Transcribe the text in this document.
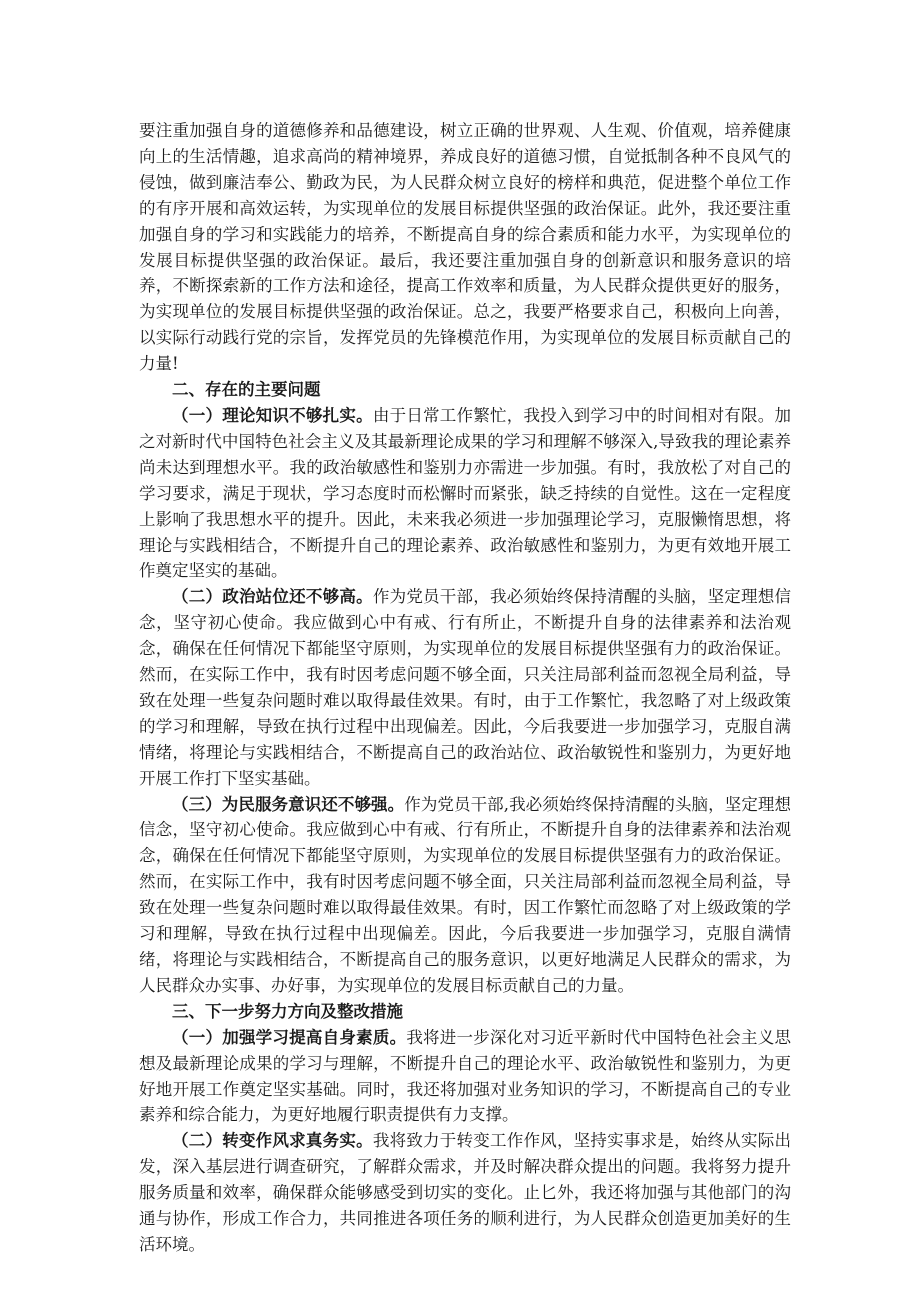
要注重加强自身的道德修养和品德建设，树立正确的世界观、人生观、价值观，培养健康向上的生活情趣，追求高尚的精神境界，养成良好的道德习惯，自觉抵制各种不良风气的侵蚀，做到廉洁奉公、勤政为民，为人民群众树立良好的榜样和典范，促进整个单位工作的有序开展和高效运转，为实现单位的发展目标提供坚强的政治保证。此外，我还要注重加强自身的学习和实践能力的培养，不断提高自身的综合素质和能力水平，为实现单位的发展目标提供坚强的政治保证。最后，我还要注重加强自身的创新意识和服务意识的培养，不断探索新的工作方法和途径，提高工作效率和质量，为人民群众提供更好的服务，为实现单位的发展目标提供坚强的政治保证。总之，我要严格要求自己，积极向上向善，以实际行动践行党的宗旨，发挥党员的先锋模范作用，为实现单位的发展目标贡献自己的力量!

二、存在的主要问题

（一）理论知识不够扎实。由于日常工作繁忙，我投入到学习中的时间相对有限。加之对新时代中国特色社会主义及其最新理论成果的学习和理解不够深入,导致我的理论素养尚未达到理想水平。我的政治敏感性和鉴别力亦需进一步加强。有时，我放松了对自己的学习要求，满足于现状，学习态度时而松懈时而紧张，缺乏持续的自觉性。这在一定程度上影响了我思想水平的提升。因此，未来我必须进一步加强理论学习，克服懒惰思想，将理论与实践相结合，不断提升自己的理论素养、政治敏感性和鉴别力，为更有效地开展工作奠定坚实的基础。

（二）政治站位还不够高。作为党员干部，我必须始终保持清醒的头脑，坚定理想信念，坚守初心使命。我应做到心中有戒、行有所止，不断提升自身的法律素养和法治观念，确保在任何情况下都能坚守原则，为实现单位的发展目标提供坚强有力的政治保证。然而，在实际工作中，我有时因考虑问题不够全面，只关注局部利益而忽视全局利益，导致在处理一些复杂问题时难以取得最佳效果。有时，由于工作繁忙，我忽略了对上级政策的学习和理解，导致在执行过程中出现偏差。因此，今后我要进一步加强学习，克服自满情绪，将理论与实践相结合，不断提高自己的政治站位、政治敏锐性和鉴别力，为更好地开展工作打下坚实基础。

（三）为民服务意识还不够强。作为党员干部,我必须始终保持清醒的头脑，坚定理想信念，坚守初心使命。我应做到心中有戒、行有所止，不断提升自身的法律素养和法治观念，确保在任何情况下都能坚守原则，为实现单位的发展目标提供坚强有力的政治保证。然而，在实际工作中，我有时因考虑问题不够全面，只关注局部利益而忽视全局利益，导致在处理一些复杂问题时难以取得最佳效果。有时，因工作繁忙而忽略了对上级政策的学习和理解，导致在执行过程中出现偏差。因此，今后我要进一步加强学习，克服自满情绪，将理论与实践相结合，不断提高自己的服务意识，以更好地满足人民群众的需求，为人民群众办实事、办好事，为实现单位的发展目标贡献自己的力量。

三、下一步努力方向及整改措施

（一）加强学习提高自身素质。我将进一步深化对习近平新时代中国特色社会主义思想及最新理论成果的学习与理解，不断提升自己的理论水平、政治敏锐性和鉴别力，为更好地开展工作奠定坚实基础。同时，我还将加强对业务知识的学习，不断提高自己的专业素养和综合能力，为更好地履行职责提供有力支撑。

（二）转变作风求真务实。我将致力于转变工作作风，坚持实事求是，始终从实际出发，深入基层进行调查研究，了解群众需求，并及时解决群众提出的问题。我将努力提升服务质量和效率，确保群众能够感受到切实的变化。止匕外，我还将加强与其他部门的沟通与协作，形成工作合力，共同推进各项任务的顺利进行，为人民群众创造更加美好的生活环境。
